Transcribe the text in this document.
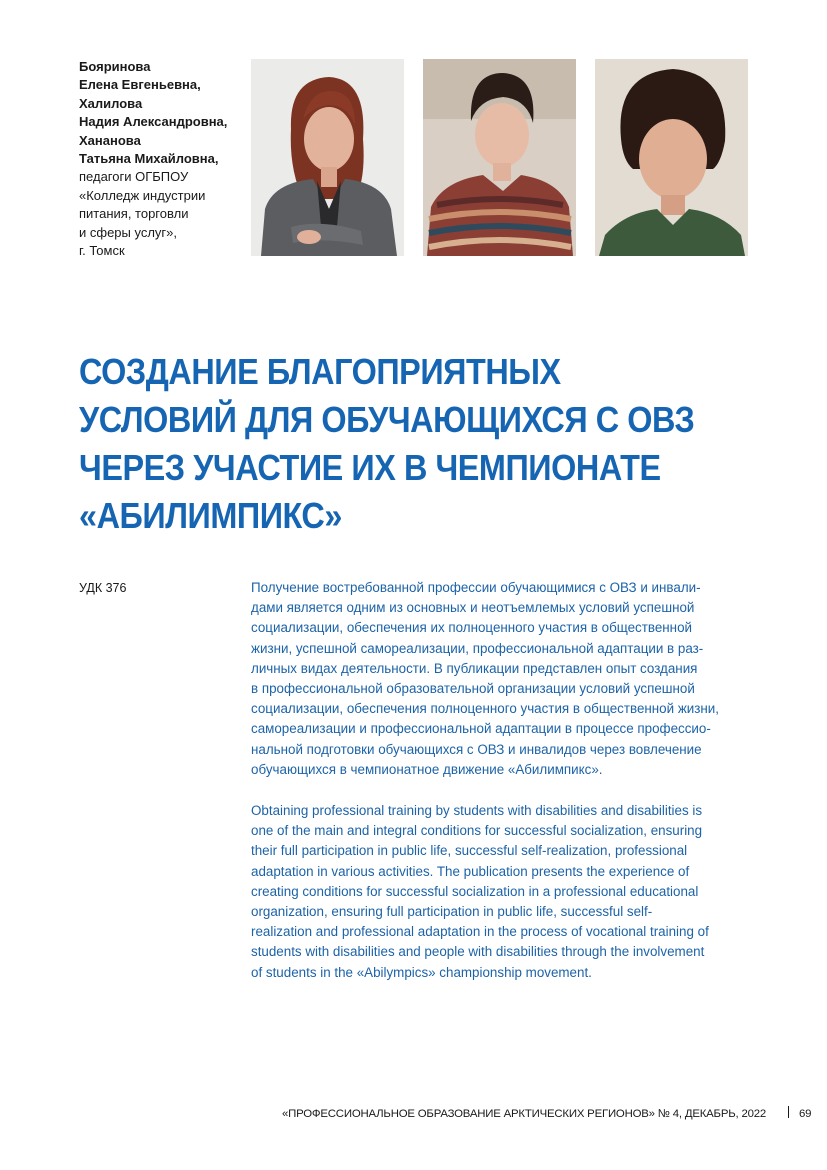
Бояринова
Елена Евгеньевна,
Халилова
Надия Александровна,
Хананова
Татьяна Михайловна,
педагоги ОГБПОУ
«Колледж индустрии
питания, торговли
и сферы услуг»,
г. Томск
СОЗДАНИЕ БЛАГОПРИЯТНЫХ
УСЛОВИЙ ДЛЯ ОБУЧАЮЩИХСЯ С ОВЗ
ЧЕРЕЗ УЧАСТИЕ ИХ В ЧЕМПИОНАТЕ
«АБИЛИМПИКС»
УДК 376	Получение востребованной профессии обучающимися с ОВЗ и инвали-
дами является одним из основных и неотъемлемых условий успешной
социализации, обеспечения их полноценного участия в общественной
жизни, успешной самореализации, профессиональной адаптации в раз-
личных видах деятельности. В публикации представлен опыт создания
в профессиональной образовательной организации условий успешной
социализации, обеспечения полноценного участия в общественной жизни,
самореализации и профессиональной адаптации в процессе профессио-
нальной подготовки обучающихся с ОВЗ и инвалидов через вовлечение
обучающихся в чемпионатное движение «Абилимпикс».
Obtaining professional training by students with disabilities and disabilities is
one of the main and integral conditions for successful socialization, ensuring
their full participation in public life, successful self-realization, professional
adaptation in various activities. The publication presents the experience of
creating conditions for successful socialization in a professional educational
organization, ensuring full participation in public life, successful self-
realization and professional adaptation in the process of vocational training of
students with disabilities and people with disabilities through the involvement
of students in the «Abilympics» championship movement.
«ПРОФЕССИОНАЛЬНОЕ ОБРАЗОВАНИЕ АРКТИЧЕСКИХ РЕГИОНОВ» № 4, ДЕКАБРЬ, 2022	69
